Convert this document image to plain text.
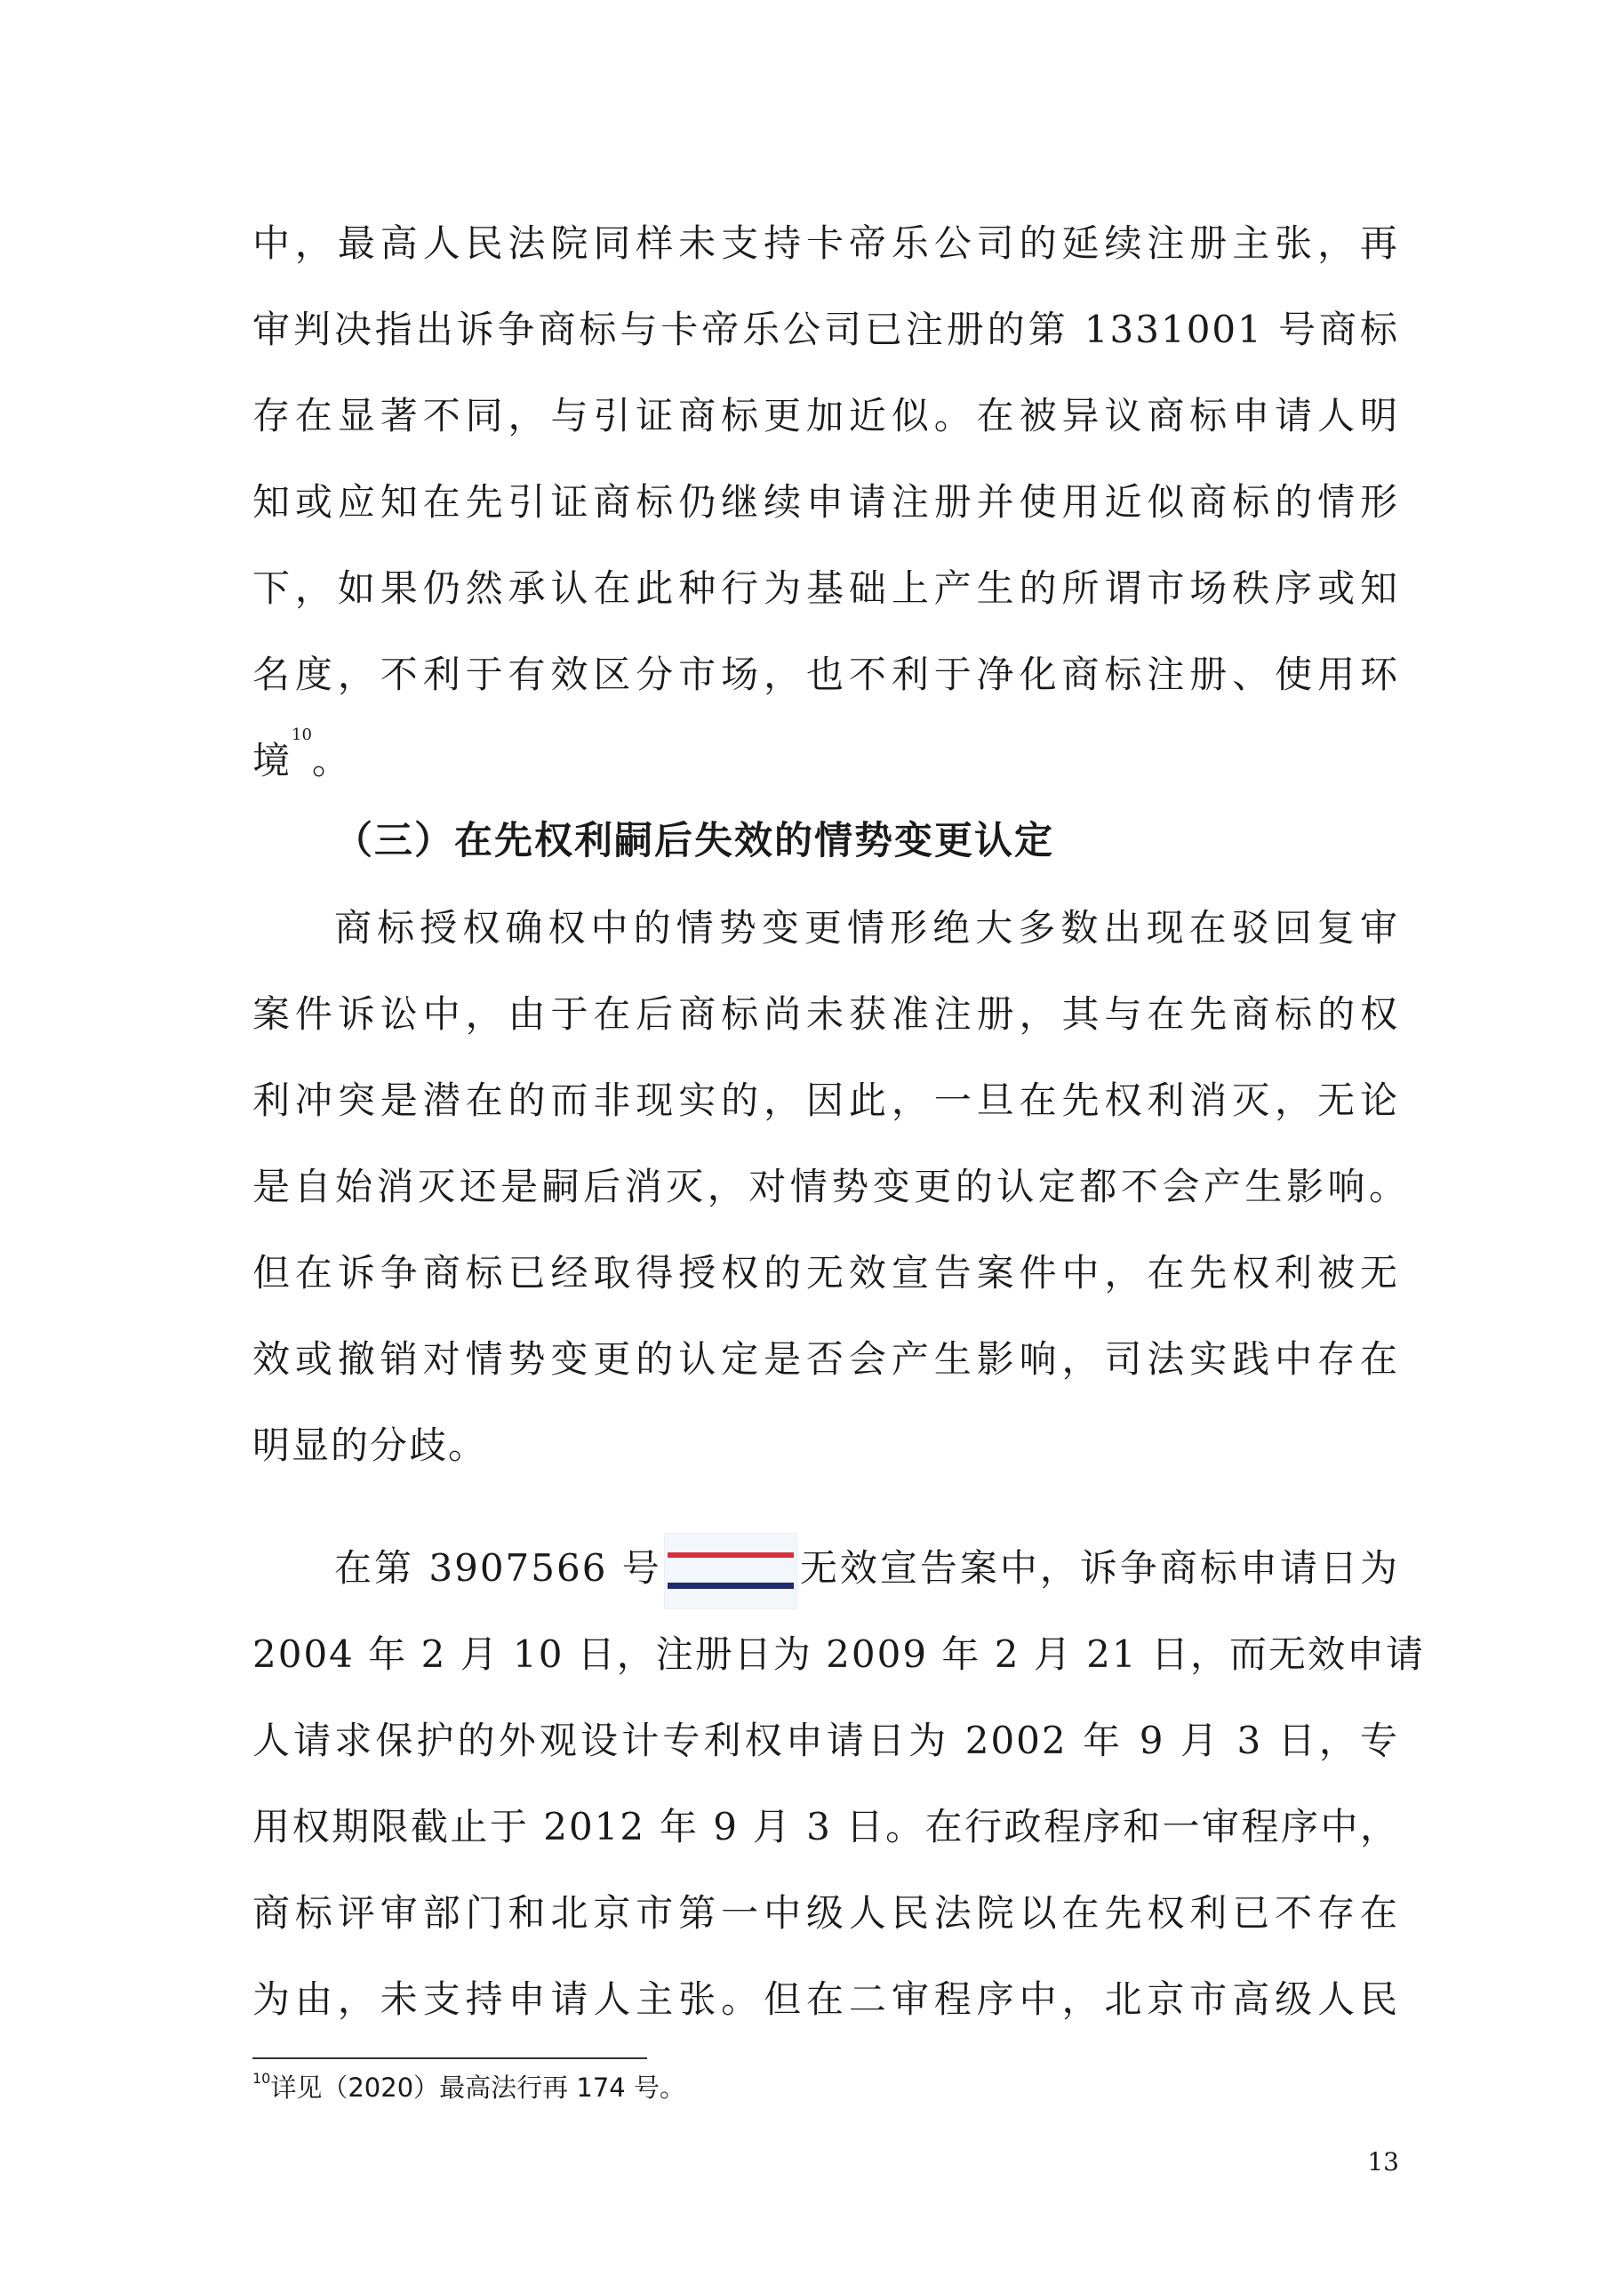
中，最高人民法院同样未支持卡帝乐公司的延续注册主张，再
审判决指出诉争商标与卡帝乐公司已注册的第 1331001 号商标
存在显著不同，与引证商标更加近似。在被异议商标申请人明
知或应知在先引证商标仍继续申请注册并使用近似商标的情形
下，如果仍然承认在此种行为基础上产生的所谓市场秩序或知
名度，不利于有效区分市场，也不利于净化商标注册、使用环
境$^{10}$。
（三）在先权利嗣后失效的情势变更认定
商标授权确权中的情势变更情形绝大多数出现在驳回复审
案件诉讼中，由于在后商标尚未获准注册，其与在先商标的权
利冲突是潜在的而非现实的，因此，一旦在先权利消灭，无论
是自始消灭还是嗣后消灭，对情势变更的认定都不会产生影响。
但在诉争商标已经取得授权的无效宣告案件中，在先权利被无
效或撤销对情势变更的认定是否会产生影响，司法实践中存在
明显的分歧。
在第 3907566 号	无效宣告案中，诉争商标申请日为
2004 年 2 月 10 日，注册日为 2009 年 2 月 21 日，而无效申请
人请求保护的外观设计专利权申请日为 2002 年 9 月 3 日，专
用权期限截止于 2012 年 9 月 3 日。在行政程序和一审程序中，
商标评审部门和北京市第一中级人民法院以在先权利已不存在
为由，未支持申请人主张。但在二审程序中，北京市高级人民
$^{10}$详见（2020）最高法行再 174 号。
13
